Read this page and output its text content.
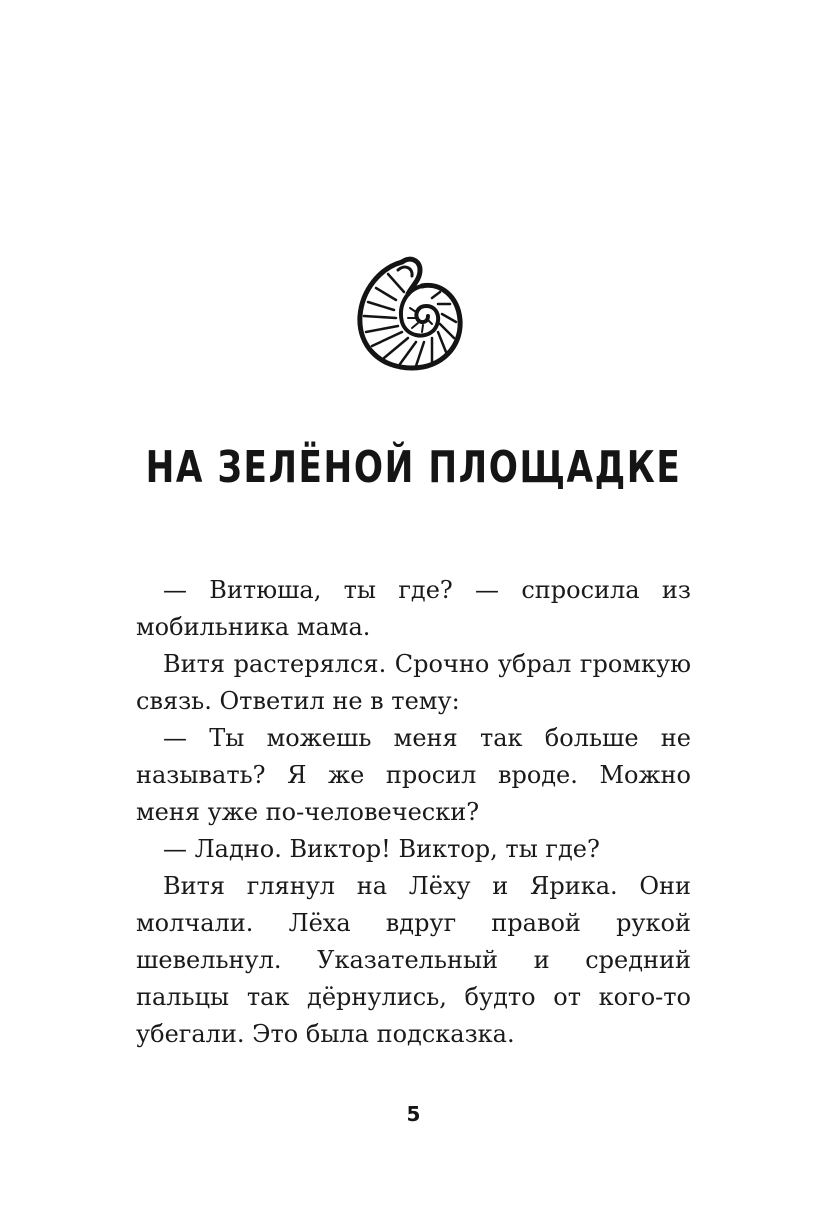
НА ЗЕЛЁНОЙ ПЛОЩАДКЕ

— Витюша, ты где? — спросила из мобильника мама.

Витя растерялся. Срочно убрал громкую связь. Ответил не в тему:

— Ты можешь меня так больше не называть? Я же просил вроде. Можно меня уже по-человечески?

— Ладно. Виктор! Виктор, ты где?

Витя глянул на Лёху и Ярика. Они молчали. Лёха вдруг правой рукой шевельнул. Указательный и средний пальцы так дёрнулись, будто от кого-то убегали. Это была подсказка.

5
